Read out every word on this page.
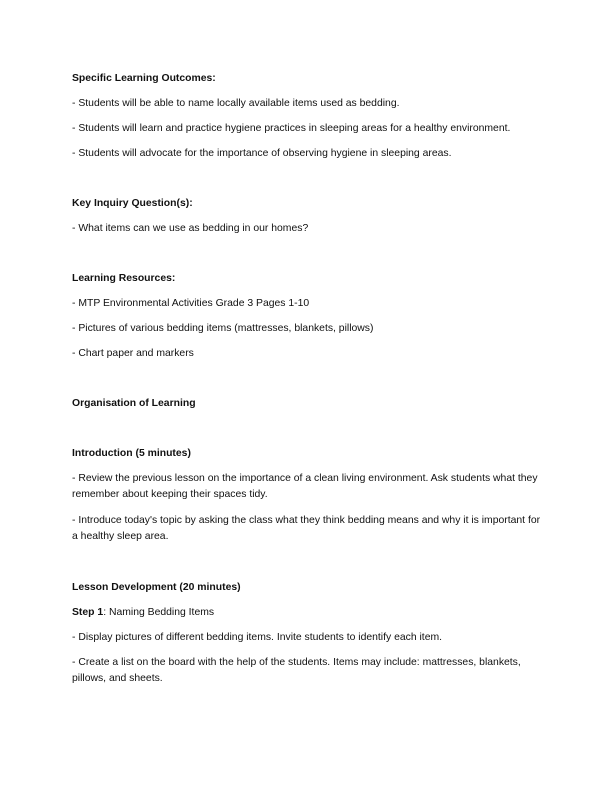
Specific Learning Outcomes:
- Students will be able to name locally available items used as bedding.
- Students will learn and practice hygiene practices in sleeping areas for a healthy environment.
- Students will advocate for the importance of observing hygiene in sleeping areas.
Key Inquiry Question(s):
- What items can we use as bedding in our homes?
Learning Resources:
- MTP Environmental Activities Grade 3 Pages 1-10
- Pictures of various bedding items (mattresses, blankets, pillows)
- Chart paper and markers
Organisation of Learning
Introduction (5 minutes)
- Review the previous lesson on the importance of a clean living environment. Ask students what they remember about keeping their spaces tidy.
- Introduce today's topic by asking the class what they think bedding means and why it is important for a healthy sleep area.
Lesson Development (20 minutes)
Step 1: Naming Bedding Items
- Display pictures of different bedding items. Invite students to identify each item.
- Create a list on the board with the help of the students. Items may include: mattresses, blankets, pillows, and sheets.
